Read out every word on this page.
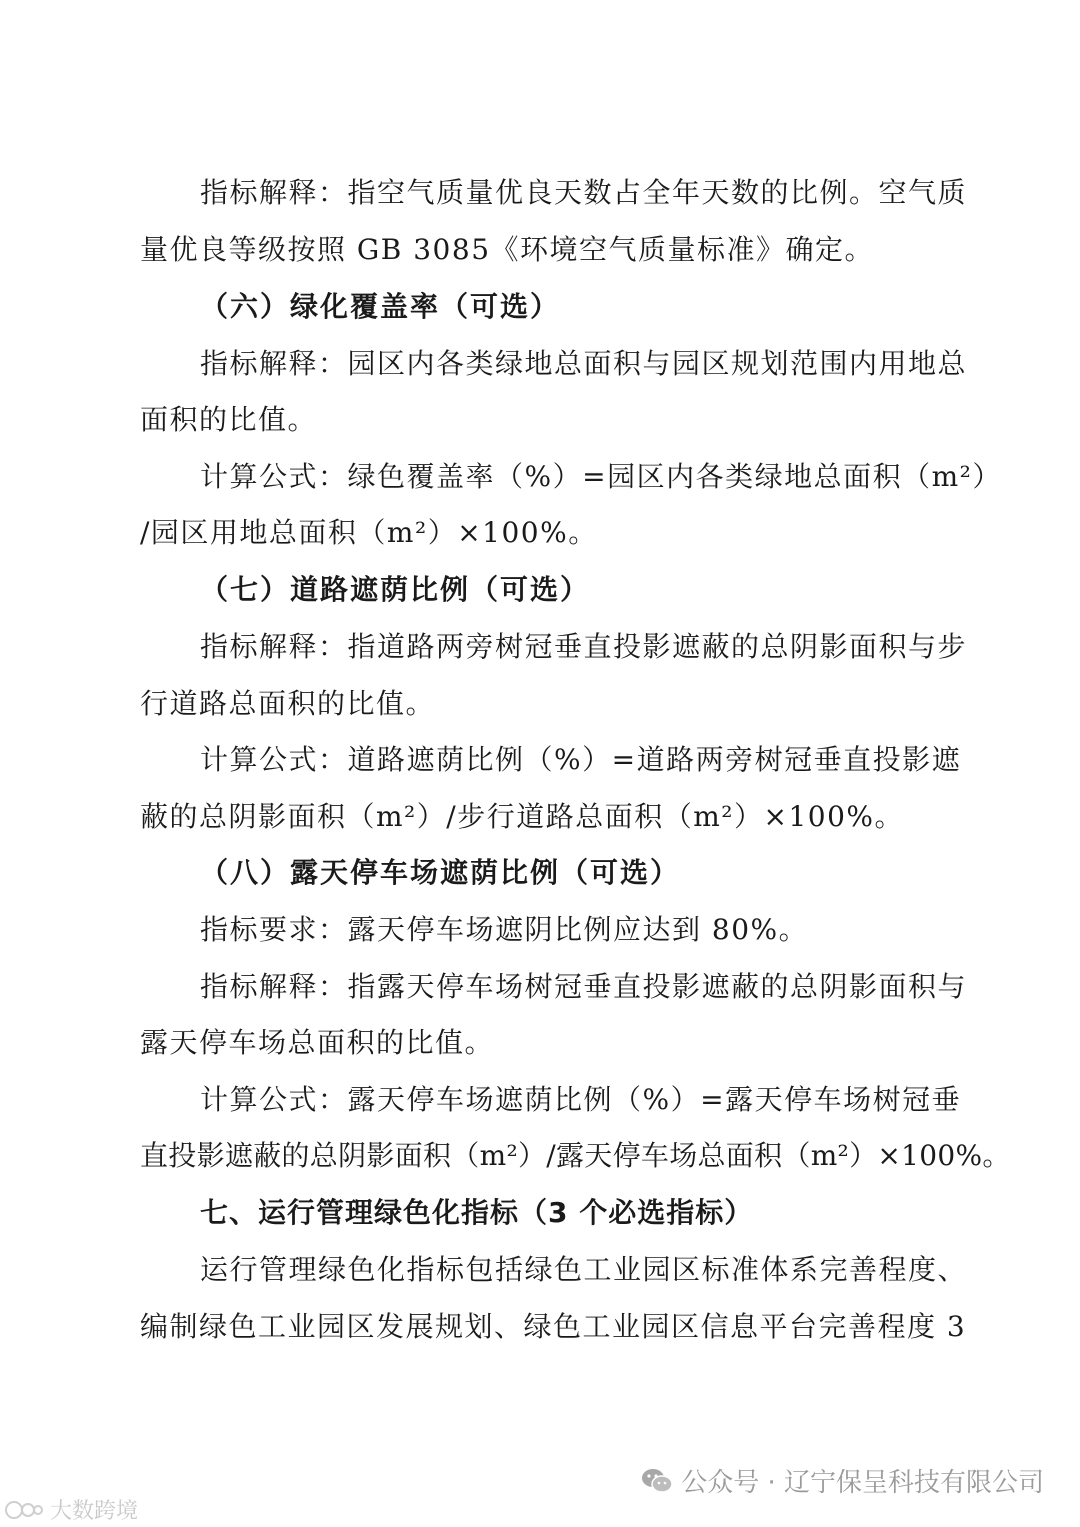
指标解释：指空气质量优良天数占全年天数的比例。空气质
量优良等级按照 GB 3085《环境空气质量标准》确定。
（六）绿化覆盖率（可选）
指标解释：园区内各类绿地总面积与园区规划范围内用地总
面积的比值。
计算公式：绿色覆盖率（%）=园区内各类绿地总面积（m²）
/园区用地总面积（m²）×100%。
（七）道路遮荫比例（可选）
指标解释：指道路两旁树冠垂直投影遮蔽的总阴影面积与步
行道路总面积的比值。
计算公式：道路遮荫比例（%）=道路两旁树冠垂直投影遮
蔽的总阴影面积（m²）/步行道路总面积（m²）×100%。
（八）露天停车场遮荫比例（可选）
指标要求：露天停车场遮阴比例应达到 80%。
指标解释：指露天停车场树冠垂直投影遮蔽的总阴影面积与
露天停车场总面积的比值。
计算公式：露天停车场遮荫比例（%）=露天停车场树冠垂
直投影遮蔽的总阴影面积（m²）/露天停车场总面积（m²）×100%。
七、运行管理绿色化指标（3 个必选指标）
运行管理绿色化指标包括绿色工业园区标准体系完善程度、
编制绿色工业园区发展规划、绿色工业园区信息平台完善程度 3
公众号 · 辽宁保呈科技有限公司
大数跨境
